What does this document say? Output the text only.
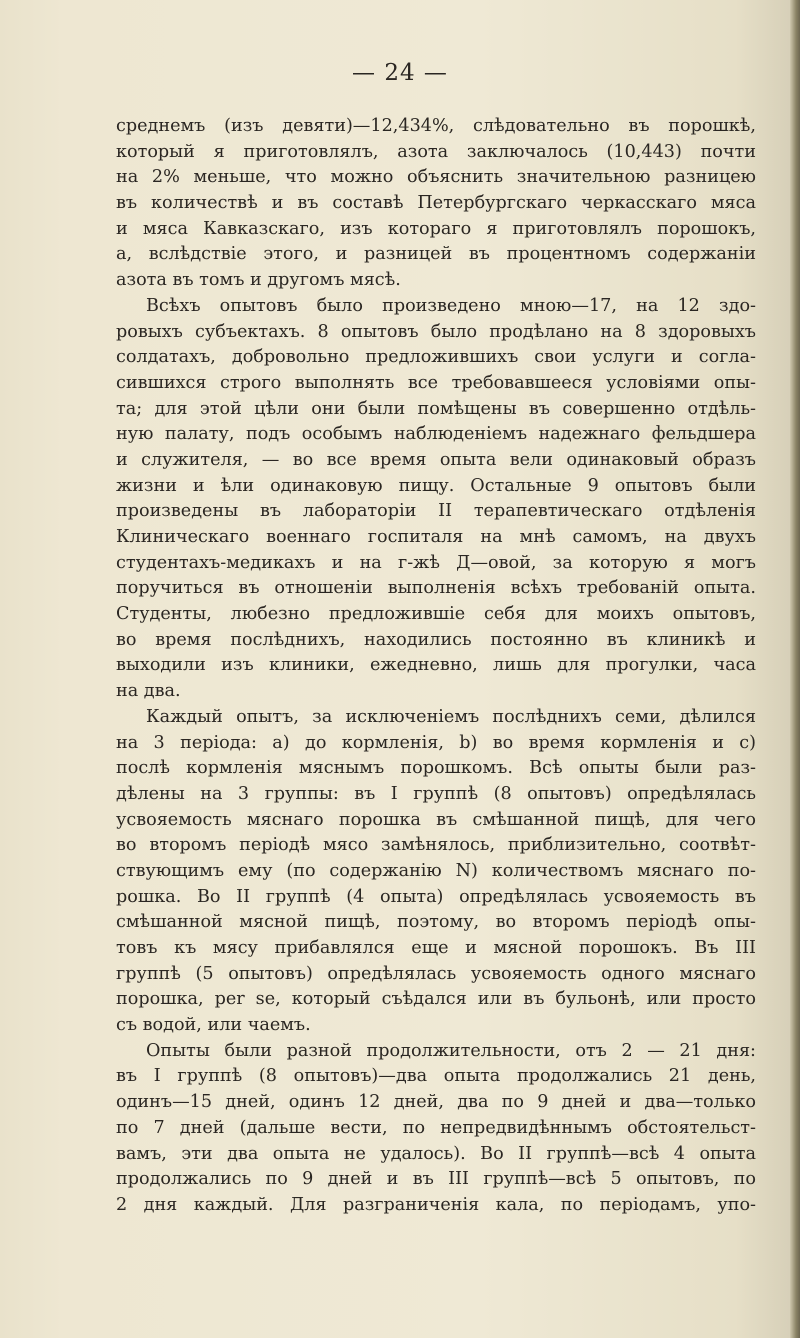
— 24 —
среднемъ (изъ девяти)—12,434%, слѣдовательно въ порошкѣ,
который я приготовлялъ, азота заключалось (10,443) почти
на 2% меньше, что можно объяснить значительною разницею
въ количествѣ и въ составѣ Петербургскаго черкасскаго мяса
и мяса Кавказскаго, изъ котораго я приготовлялъ порошокъ,
а, вслѣдствіе этого, и разницей въ процентномъ содержаніи
азота въ томъ и другомъ мясѣ.
Всѣхъ опытовъ было произведено мною—17, на 12 здо-
ровыхъ субъектахъ. 8 опытовъ было продѣлано на 8 здоровыхъ
солдатахъ, добровольно предложившихъ свои услуги и согла-
сившихся строго выполнять все требовавшееся условіями опы-
та; для этой цѣли они были помѣщены въ совершенно отдѣль-
ную палату, подъ особымъ наблюденіемъ надежнаго фельдшера
и служителя, — во все время опыта вели одинаковый образъ
жизни и ѣли одинаковую пищу. Остальные 9 опытовъ были
произведены въ лабораторіи II терапевтическаго отдѣленія
Клиническаго военнаго госпиталя на мнѣ самомъ, на двухъ
студентахъ-медикахъ и на г-жѣ Д—овой, за которую я могъ
поручиться въ отношеніи выполненія всѣхъ требованій опыта.
Студенты, любезно предложившіе себя для моихъ опытовъ,
во время послѣднихъ, находились постоянно въ клиникѣ и
выходили изъ клиники, ежедневно, лишь для прогулки, часа
на два.
Каждый опытъ, за исключеніемъ послѣднихъ семи, дѣлился
на 3 періода: а) до кормленія, b) во время кормленія и с)
послѣ кормленія мяснымъ порошкомъ. Всѣ опыты были раз-
дѣлены на 3 группы: въ I группѣ (8 опытовъ) опредѣлялась
усвояемость мяснаго порошка въ смѣшанной пищѣ, для чего
во второмъ періодѣ мясо замѣнялось, приблизительно, соотвѣт-
ствующимъ ему (по содержанію N) количествомъ мяснаго по-
рошка. Во II группѣ (4 опыта) опредѣлялась усвояемость въ
смѣшанной мясной пищѣ, поэтому, во второмъ періодѣ опы-
товъ къ мясу прибавлялся еще и мясной порошокъ. Въ III
группѣ (5 опытовъ) опредѣлялась усвояемость одного мяснаго
порошка, per se, который съѣдался или въ бульонѣ, или просто
съ водой, или чаемъ.
Опыты были разной продолжительности, отъ 2 — 21 дня:
въ I группѣ (8 опытовъ)—два опыта продолжались 21 день,
одинъ—15 дней, одинъ 12 дней, два по 9 дней и два—только
по 7 дней (дальше вести, по непредвидѣннымъ обстоятельст-
вамъ, эти два опыта не удалось). Во II группѣ—всѣ 4 опыта
продолжались по 9 дней и въ III группѣ—всѣ 5 опытовъ, по
2 дня каждый. Для разграниченія кала, по періодамъ, упо-
